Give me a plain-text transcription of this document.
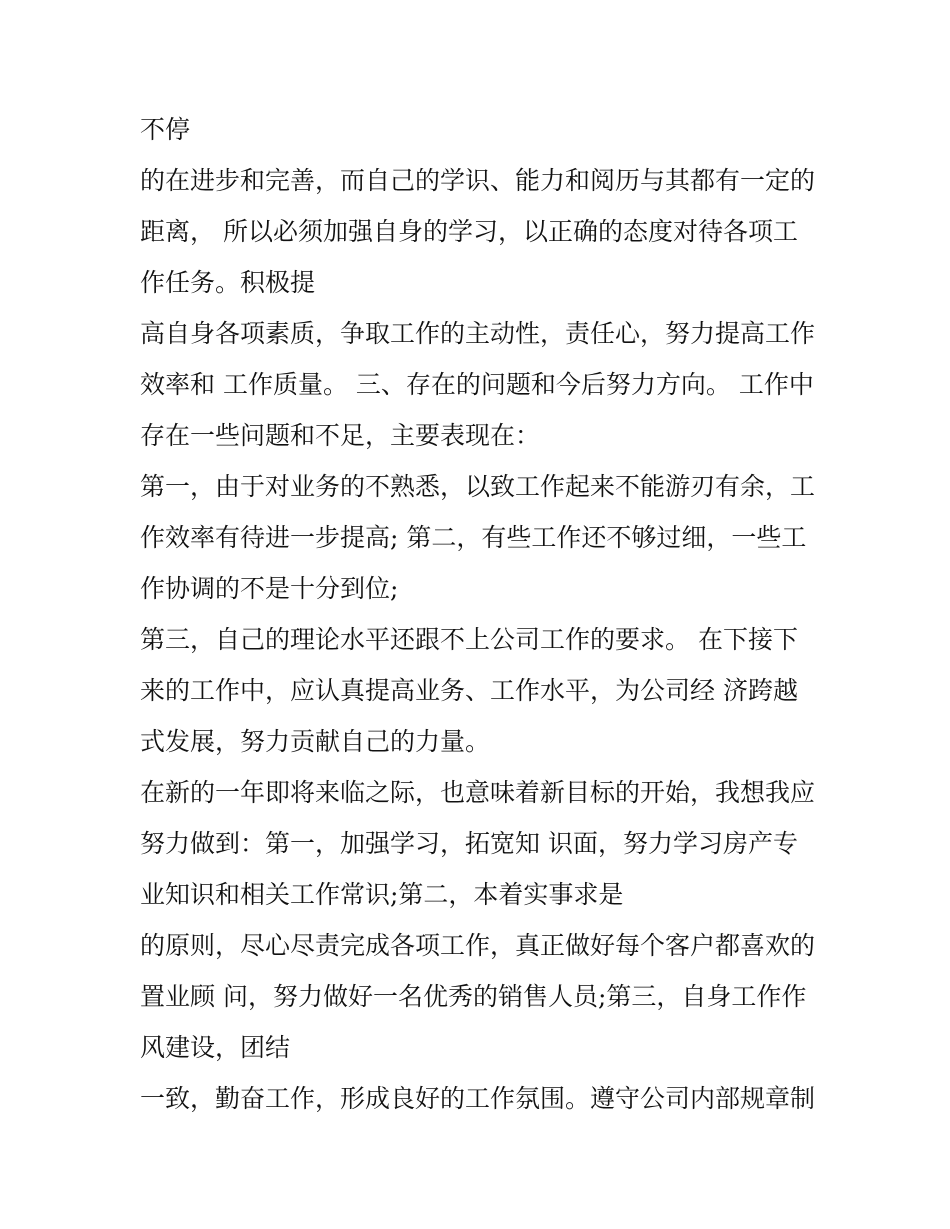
不停
的在进步和完善，而自己的学识、能力和阅历与其都有一定的
距离， 所以必须加强自身的学习，以正确的态度对待各项工
作任务。积极提
高自身各项素质，争取工作的主动性，责任心，努力提高工作
效率和 工作质量。 三、存在的问题和今后努力方向。 工作中
存在一些问题和不足，主要表现在：
第一，由于对业务的不熟悉，以致工作起来不能游刃有余，工
作效率有待进一步提高; 第二，有些工作还不够过细，一些工
作协调的不是十分到位;
第三，自己的理论水平还跟不上公司工作的要求。 在下接下
来的工作中，应认真提高业务、工作水平，为公司经 济跨越
式发展，努力贡献自己的力量。
在新的一年即将来临之际，也意味着新目标的开始，我想我应
努力做到：第一，加强学习，拓宽知 识面，努力学习房产专
业知识和相关工作常识;第二，本着实事求是
的原则，尽心尽责完成各项工作，真正做好每个客户都喜欢的
置业顾 问，努力做好一名优秀的销售人员;第三，自身工作作
风建设，团结
一致，勤奋工作，形成良好的工作氛围。遵守公司内部规章制
